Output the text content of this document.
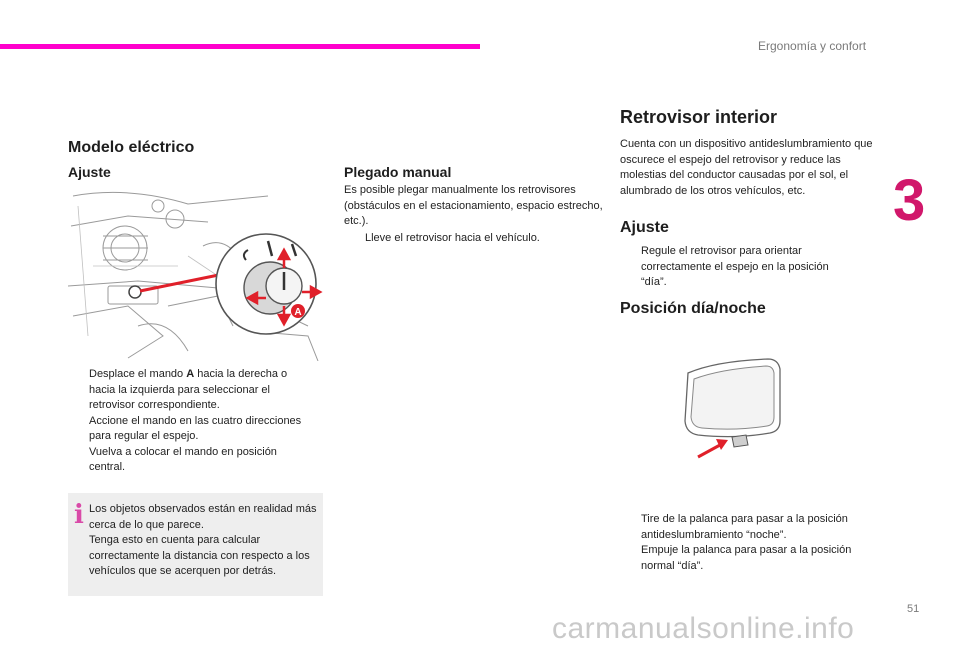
Ergonomía y confort
3
Modelo eléctrico
Ajuste
A
Desplace el mando A hacia la derecha o hacia la izquierda para seleccionar el retrovisor correspondiente.
Accione el mando en las cuatro direcciones para regular el espejo.
Vuelva a colocar el mando en posición central.
i Los objetos observados están en realidad más cerca de lo que parece.
Tenga esto en cuenta para calcular correctamente la distancia con respecto a los vehículos que se acerquen por detrás.
Plegado manual
Es posible plegar manualmente los retrovisores (obstáculos en el estacionamiento, espacio estrecho, etc.).
Lleve el retrovisor hacia el vehículo.
Retrovisor interior
Cuenta con un dispositivo antideslumbramiento que oscurece el espejo del retrovisor y reduce las molestias del conductor causadas por el sol, el alumbrado de los otros vehículos, etc.
Ajuste
Regule el retrovisor para orientar correctamente el espejo en la posición “día”.
Posición día/noche
Tire de la palanca para pasar a la posición antideslumbramiento “noche”.
Empuje la palanca para pasar a la posición normal “día”.
51
carmanualsonline.info
